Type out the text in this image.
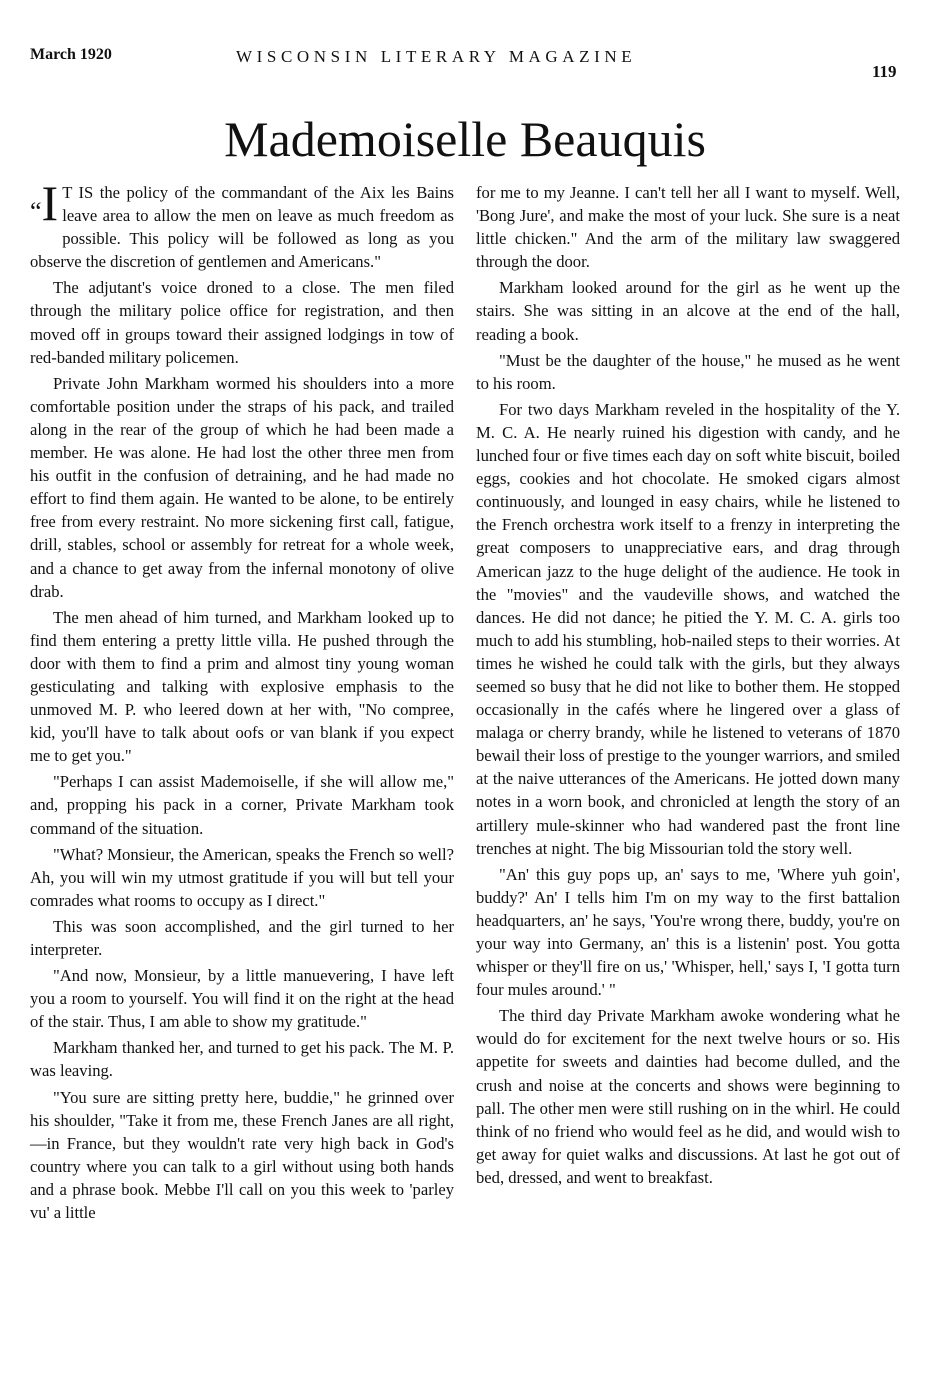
March 1920	WISCONSIN LITERARY MAGAZINE
119
Mademoiselle Beauquis

“I T IS the policy of the commandant of the Aix les Bains leave area to allow the men on leave as much freedom as possible. This policy will be followed as long as you observe the discretion of gentlemen and Americans."

The adjutant's voice droned to a close. The men filed through the military police office for registration, and then moved off in groups toward their assigned lodgings in tow of red-banded military policemen.

Private John Markham wormed his shoulders into a more comfortable position under the straps of his pack, and trailed along in the rear of the group of which he had been made a member. He was alone. He had lost the other three men from his outfit in the confusion of detraining, and he had made no effort to find them again. He wanted to be alone, to be entirely free from every restraint. No more sickening first call, fatigue, drill, stables, school or assembly for retreat for a whole week, and a chance to get away from the infernal monotony of olive drab.

The men ahead of him turned, and Markham looked up to find them entering a pretty little villa. He pushed through the door with them to find a prim and almost tiny young woman gesticulating and talking with explosive emphasis to the unmoved M. P. who leered down at her with, "No compree, kid, you'll have to talk about oofs or van blank if you expect me to get you."

"Perhaps I can assist Mademoiselle, if she will allow me," and, propping his pack in a corner, Private Markham took command of the situation.

"What? Monsieur, the American, speaks the French so well? Ah, you will win my utmost gratitude if you will but tell your comrades what rooms to occupy as I direct."

This was soon accomplished, and the girl turned to her interpreter.

"And now, Monsieur, by a little manuevering, I have left you a room to yourself. You will find it on the right at the head of the stair. Thus, I am able to show my gratitude."

Markham thanked her, and turned to get his pack. The M. P. was leaving.

"You sure are sitting pretty here, buddie," he grinned over his shoulder, "Take it from me, these French Janes are all right,—in France, but they wouldn't rate very high back in God's country where you can talk to a girl without using both hands and a phrase book. Mebbe I'll call on you this week to 'parley vu' a little

for me to my Jeanne. I can't tell her all I want to myself. Well, 'Bong Jure', and make the most of your luck. She sure is a neat little chicken." And the arm of the military law swaggered through the door.

Markham looked around for the girl as he went up the stairs. She was sitting in an alcove at the end of the hall, reading a book.

"Must be the daughter of the house," he mused as he went to his room.

For two days Markham reveled in the hospitality of the Y. M. C. A. He nearly ruined his digestion with candy, and he lunched four or five times each day on soft white biscuit, boiled eggs, cookies and hot chocolate. He smoked cigars almost continuously, and lounged in easy chairs, while he listened to the French orchestra work itself to a frenzy in interpreting the great composers to unappreciative ears, and drag through American jazz to the huge delight of the audience. He took in the "movies" and the vaudeville shows, and watched the dances. He did not dance; he pitied the Y. M. C. A. girls too much to add his stumbling, hob-nailed steps to their worries. At times he wished he could talk with the girls, but they always seemed so busy that he did not like to bother them. He stopped occasionally in the cafés where he lingered over a glass of malaga or cherry brandy, while he listened to veterans of 1870 bewail their loss of prestige to the younger warriors, and smiled at the naive utterances of the Americans. He jotted down many notes in a worn book, and chronicled at length the story of an artillery mule-skinner who had wandered past the front line trenches at night. The big Missourian told the story well.

"An' this guy pops up, an' says to me, 'Where yuh goin', buddy?' An' I tells him I'm on my way to the first battalion headquarters, an' he says, 'You're wrong there, buddy, you're on your way into Germany, an' this is a listenin' post. You gotta whisper or they'll fire on us,' 'Whisper, hell,' says I, 'I gotta turn four mules around.' "

The third day Private Markham awoke wondering what he would do for excitement for the next twelve hours or so. His appetite for sweets and dainties had become dulled, and the crush and noise at the concerts and shows were beginning to pall. The other men were still rushing on in the whirl. He could think of no friend who would feel as he did, and would wish to get away for quiet walks and discussions. At last he got out of bed, dressed, and went to breakfast.
